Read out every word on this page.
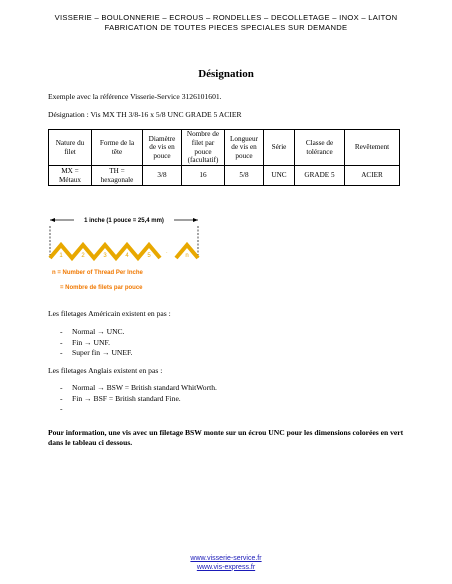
VISSERIE – BOULONNERIE – ECROUS – RONDELLES – DECOLLETAGE – INOX – LAITON
FABRICATION DE TOUTES PIECES SPECIALES SUR DEMANDE
Désignation
Exemple avec la référence Visserie-Service 3126101601.
Désignation : Vis MX TH 3/8-16 x 5/8 UNC GRADE 5 ACIER
Nature du filet	Forme de la tête	Diamètre de vis en pouce	Nombre de filet par pouce (facultatif)	Longueur de vis en pouce	Série	Classe de tolérance	Revêtement
MX = Métaux	TH = hexagonale	3/8	16	5/8	UNC	GRADE 5	ACIER
1 inche (1 pouce = 25,4 mm)
1	2	3	4	5	n
·
n = Number of Thread Per Inche
= Nombre de filets par pouce
Les filetages Américain existent en pas :
- Normal → UNC.
- Fin → UNF.
- Super fin → UNEF.
Les filetages Anglais existent en pas :
- Normal → BSW = British standard WhitWorth.
- Fin → BSF = British standard Fine.
-
Pour information, une vis avec un filetage BSW monte sur un écrou UNC pour les dimensions colorées en vert dans le tableau ci dessous.
www.visserie-service.fr
www.vis-express.fr
